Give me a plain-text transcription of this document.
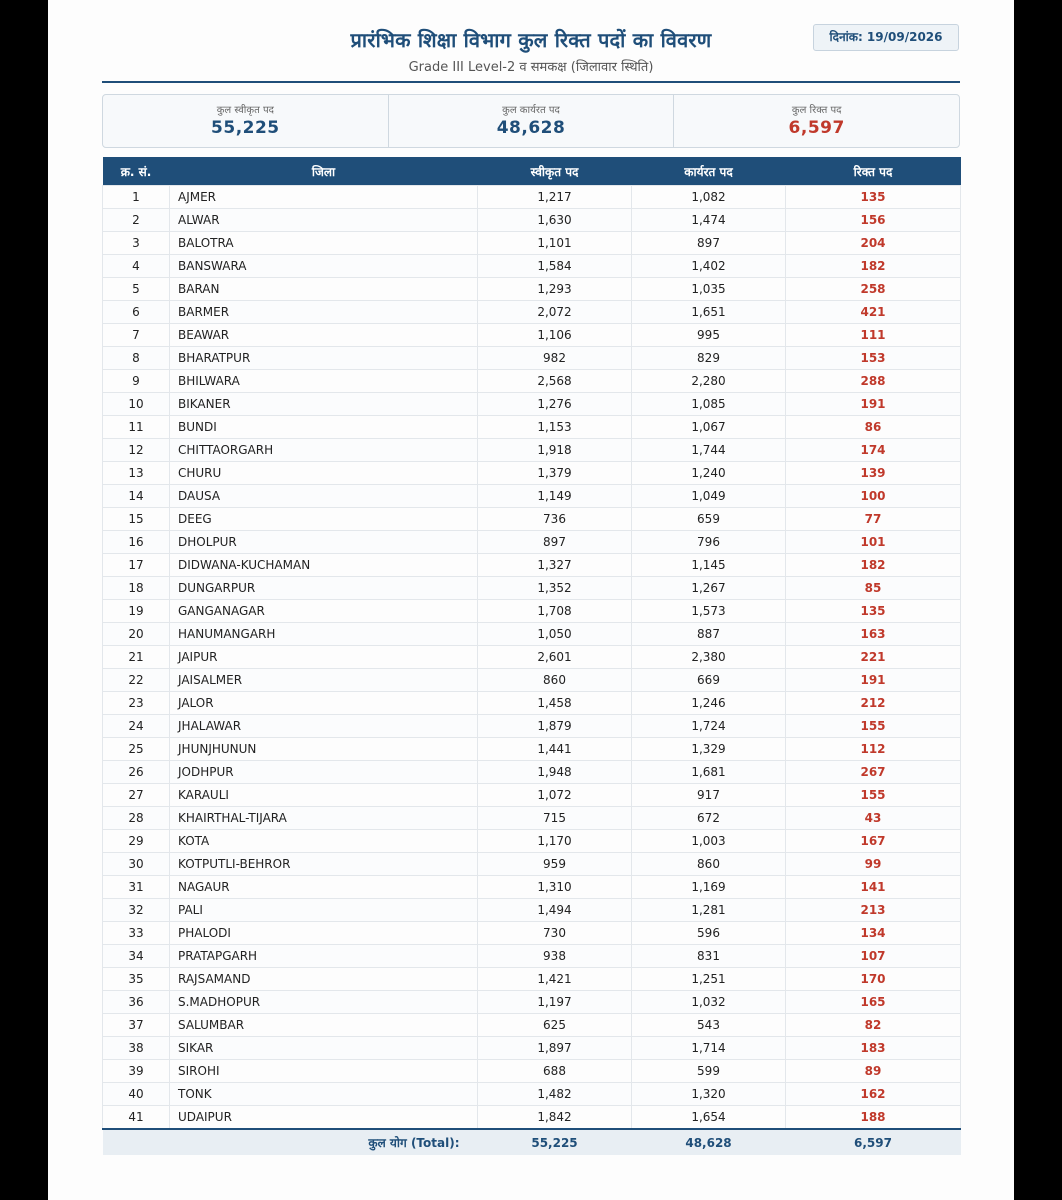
प्रारंभिक शिक्षा विभाग कुल रिक्त पदों का विवरण
Grade III Level-2 व समकक्ष (जिलावार स्थिति)
दिनांक: 19/09/2026
कुल स्वीकृत पद
55,225
कुल कार्यरत पद
48,628
कुल रिक्त पद
6,597
क्र. सं.	जिला	स्वीकृत पद	कार्यरत पद	रिक्त पद
1	AJMER	1,217	1,082	135
2	ALWAR	1,630	1,474	156
3	BALOTRA	1,101	897	204
4	BANSWARA	1,584	1,402	182
5	BARAN	1,293	1,035	258
6	BARMER	2,072	1,651	421
7	BEAWAR	1,106	995	111
8	BHARATPUR	982	829	153
9	BHILWARA	2,568	2,280	288
10	BIKANER	1,276	1,085	191
11	BUNDI	1,153	1,067	86
12	CHITTAORGARH	1,918	1,744	174
13	CHURU	1,379	1,240	139
14	DAUSA	1,149	1,049	100
15	DEEG	736	659	77
16	DHOLPUR	897	796	101
17	DIDWANA-KUCHAMAN	1,327	1,145	182
18	DUNGARPUR	1,352	1,267	85
19	GANGANAGAR	1,708	1,573	135
20	HANUMANGARH	1,050	887	163
21	JAIPUR	2,601	2,380	221
22	JAISALMER	860	669	191
23	JALOR	1,458	1,246	212
24	JHALAWAR	1,879	1,724	155
25	JHUNJHUNUN	1,441	1,329	112
26	JODHPUR	1,948	1,681	267
27	KARAULI	1,072	917	155
28	KHAIRTHAL-TIJARA	715	672	43
29	KOTA	1,170	1,003	167
30	KOTPUTLI-BEHROR	959	860	99
31	NAGAUR	1,310	1,169	141
32	PALI	1,494	1,281	213
33	PHALODI	730	596	134
34	PRATAPGARH	938	831	107
35	RAJSAMAND	1,421	1,251	170
36	S.MADHOPUR	1,197	1,032	165
37	SALUMBAR	625	543	82
38	SIKAR	1,897	1,714	183
39	SIROHI	688	599	89
40	TONK	1,482	1,320	162
41	UDAIPUR	1,842	1,654	188
कुल योग (Total):		55,225	48,628	6,597
